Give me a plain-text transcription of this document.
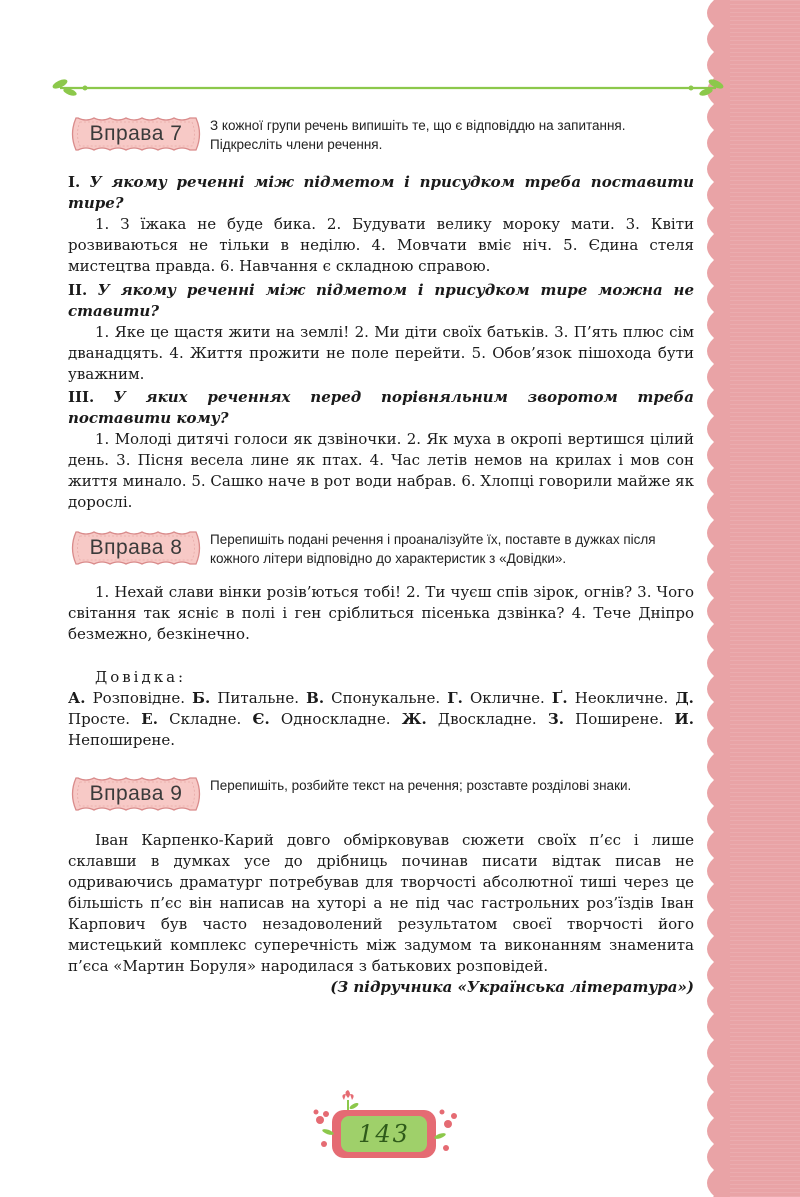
Вправа 7	З кожної групи речень випишіть те, що є відповіддю на запитання. Підкресліть члени речення.

I. У якому реченні між підметом і присудком треба поставити тире?

1. З їжака не буде бика. 2. Будувати велику мороку мати. 3. Квіти розвиваються не тільки в неділю. 4. Мовчати вміє ніч. 5. Єдина стеля мистецтва правда. 6. Навчання є складною справою.

II. У якому реченні між підметом і присудком тире можна не ставити?

1. Яке це щастя жити на землі! 2. Ми діти своїх батьків. 3. П’ять плюс сім дванадцять. 4. Життя прожити не поле перейти. 5. Обов’язок пішохода бути уважним.

III. У яких реченнях перед порівняльним зворотом треба поставити кому?

1. Молоді дитячі голоси як дзвіночки. 2. Як муха в окропі вертишся цілий день. 3. Пісня весела лине як птах. 4. Час летів немов на крилах і мов сон життя минало. 5. Сашко наче в рот води набрав. 6. Хлопці говорили майже як дорослі.

Вправа 8	Перепишіть подані речення і проаналізуйте їх, поставте в дужках після кожного літери відповідно до характеристик з «Довідки».

1. Нехай слави вінки розів’ються тобі! 2. Ти чуєш спів зірок, огнів? 3. Чого світання так ясніє в полі і ген сріблиться пісенька дзвінка? 4. Тече Дніпро безмежно, безкінечно.

Довідка:

А. Розповідне. Б. Питальне. В. Спонукальне. Г. Окличне. Ґ. Неокличне. Д. Просте. Е. Складне. Є. Односкладне. Ж. Двоскладне. З. Поширене. И. Непоширене.

Вправа 9	Перепишіть, розбийте текст на речення; розставте розділові знаки.

Іван Карпенко-Карий довго обмірковував сюжети своїх п’єс і лише склавши в думках усе до дрібниць починав писати відтак писав не одриваючись драматург потребував для творчості абсолютної тиші через це більшість п’єс він написав на хуторі а не під час гастрольних роз’їздів Іван Карпович був часто незадоволений результатом своєї творчості його мистецький комплекс суперечність між задумом та виконанням знаменита п’єса «Мартин Боруля» народилася з батькових розповідей.

(З підручника «Українська література»)

143
